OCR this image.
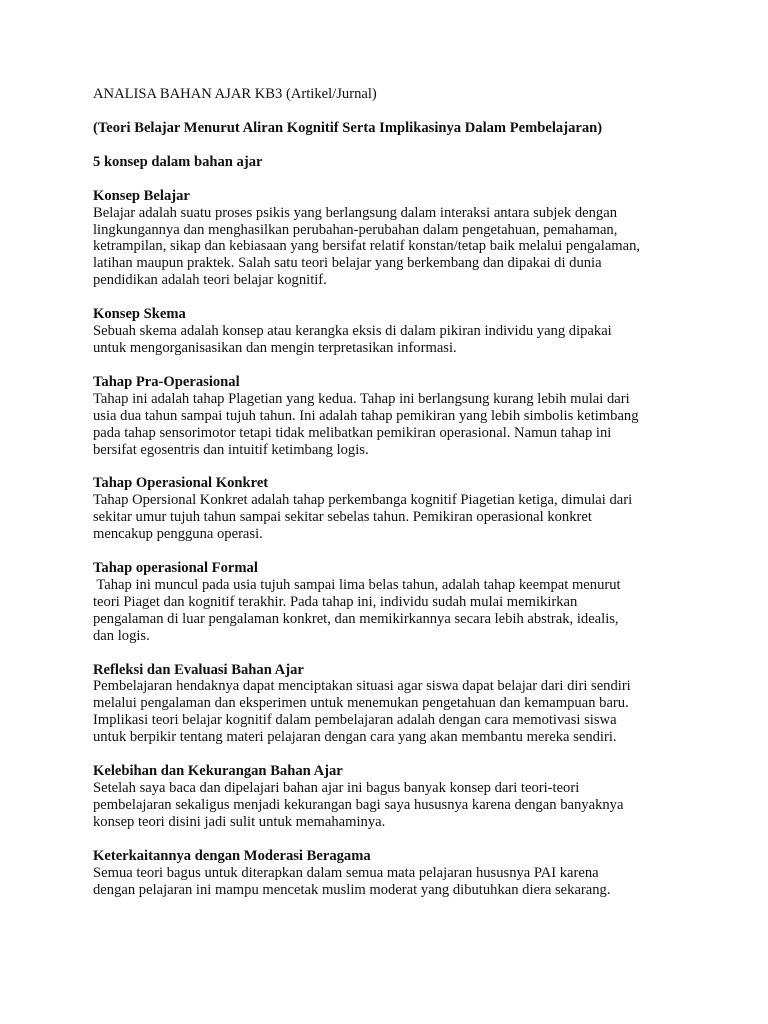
ANALISA BAHAN AJAR KB3 (Artikel/Jurnal)
(Teori Belajar Menurut Aliran Kognitif Serta Implikasinya Dalam Pembelajaran)
5 konsep dalam bahan ajar
Konsep Belajar
Belajar adalah suatu proses psikis yang berlangsung dalam interaksi antara subjek dengan
lingkungannya dan menghasilkan perubahan-perubahan dalam pengetahuan, pemahaman,
ketrampilan, sikap dan kebiasaan yang bersifat relatif konstan/tetap baik melalui pengalaman,
latihan maupun praktek. Salah satu teori belajar yang berkembang dan dipakai di dunia
pendidikan adalah teori belajar kognitif.
Konsep Skema
Sebuah skema adalah konsep atau kerangka eksis di dalam pikiran individu yang dipakai
untuk mengorganisasikan dan mengin terpretasikan informasi.
Tahap Pra-Operasional
Tahap ini adalah tahap Plagetian yang kedua. Tahap ini berlangsung kurang lebih mulai dari
usia dua tahun sampai tujuh tahun. Ini adalah tahap pemikiran yang lebih simbolis ketimbang
pada tahap sensorimotor tetapi tidak melibatkan pemikiran operasional. Namun tahap ini
bersifat egosentris dan intuitif ketimbang logis.
Tahap Operasional Konkret
Tahap Opersional Konkret adalah tahap perkembanga kognitif Piagetian ketiga, dimulai dari
sekitar umur tujuh tahun sampai sekitar sebelas tahun. Pemikiran operasional konkret
mencakup pengguna operasi.
Tahap operasional Formal
Tahap ini muncul pada usia tujuh sampai lima belas tahun, adalah tahap keempat menurut
teori Piaget dan kognitif terakhir. Pada tahap ini, individu sudah mulai memikirkan
pengalaman di luar pengalaman konkret, dan memikirkannya secara lebih abstrak, idealis,
dan logis.
Refleksi dan Evaluasi Bahan Ajar
Pembelajaran hendaknya dapat menciptakan situasi agar siswa dapat belajar dari diri sendiri
melalui pengalaman dan eksperimen untuk menemukan pengetahuan dan kemampuan baru.
Implikasi teori belajar kognitif dalam pembelajaran adalah dengan cara memotivasi siswa
untuk berpikir tentang materi pelajaran dengan cara yang akan membantu mereka sendiri.
Kelebihan dan Kekurangan Bahan Ajar
Setelah saya baca dan dipelajari bahan ajar ini bagus banyak konsep dari teori-teori
pembelajaran sekaligus menjadi kekurangan bagi saya hususnya karena dengan banyaknya
konsep teori disini jadi sulit untuk memahaminya.
Keterkaitannya dengan Moderasi Beragama
Semua teori bagus untuk diterapkan dalam semua mata pelajaran hususnya PAI karena
dengan pelajaran ini mampu mencetak muslim moderat yang dibutuhkan diera sekarang.
